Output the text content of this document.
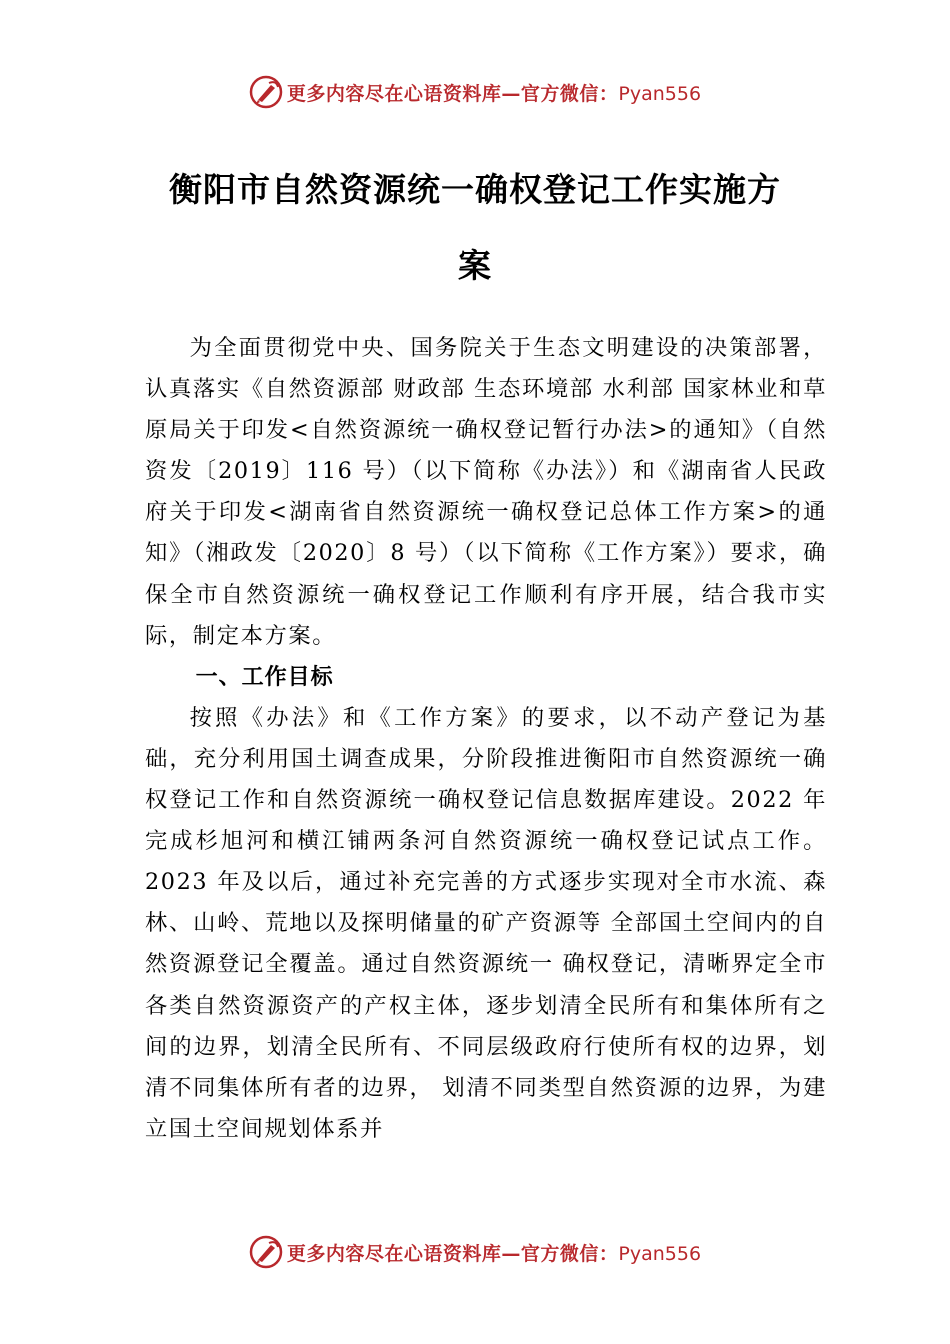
更多内容尽在心语资料库—官方微信：Pyan556
衡阳市自然资源统一确权登记工作实施方
案

为全面贯彻党中央、国务院关于生态文明建设的决策部署，认真落实《自然资源部 财政部 生态环境部 水利部 国家林业和草原局关于印发<自然资源统一确权登记暂行办法>的通知》（自然资发〔2019〕116 号）（以下简称《办法》）和《湖南省人民政府关于印发<湖南省自然资源统一确权登记总体工作方案>的通知》（湘政发〔2020〕8 号）（以下简称《工作方案》）要求，确保全市自然资源统一确权登记工作顺利有序开展，结合我市实际，制定本方案。

一、工作目标

按照《办法》和《工作方案》的要求，以不动产登记为基础，充分利用国土调查成果，分阶段推进衡阳市自然资源统一确权登记工作和自然资源统一确权登记信息数据库建设。2022 年完成杉旭河和横江铺两条河自然资源统一确权登记试点工作。2023 年及以后，通过补充完善的方式逐步实现对全市水流、森林、山岭、荒地以及探明储量的矿产资源等 全部国土空间内的自然资源登记全覆盖。通过自然资源统一 确权登记，清晰界定全市各类自然资源资产的产权主体，逐步划清全民所有和集体所有之间的边界，划清全民所有、不同层级政府行使所有权的边界，划清不同集体所有者的边界， 划清不同类型自然资源的边界，为建立国土空间规划体系并

更多内容尽在心语资料库—官方微信：Pyan556
